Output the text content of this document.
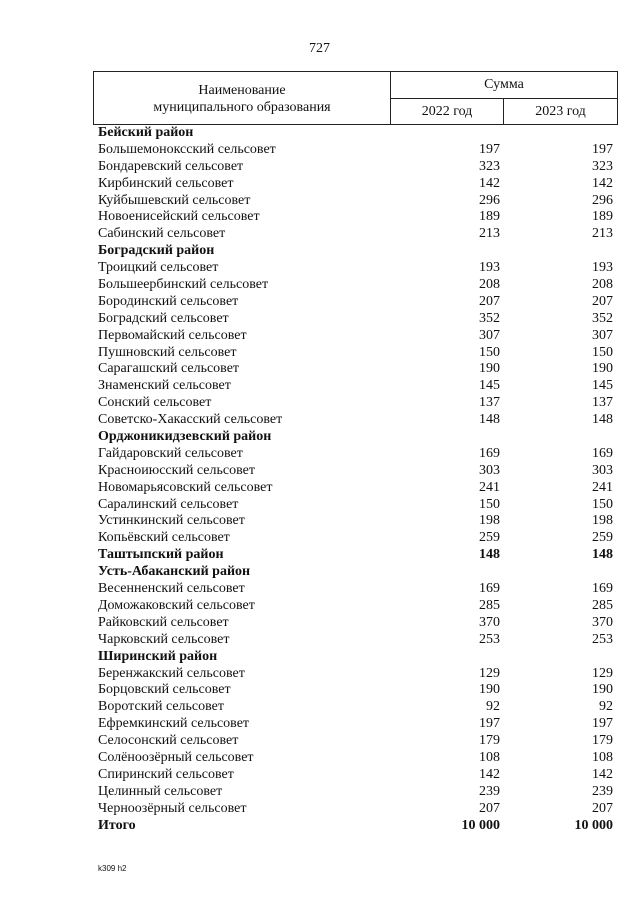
727
Наименование
муниципального образования
Сумма
2022 год	2023 год
Бейский район
Большемоноксский сельсовет	197	197
Бондаревский сельсовет	323	323
Кирбинский сельсовет	142	142
Куйбышевский сельсовет	296	296
Новоенисейский сельсовет	189	189
Сабинский сельсовет	213	213
Боградский район
Троицкий сельсовет	193	193
Большеербинский сельсовет	208	208
Бородинский сельсовет	207	207
Боградский сельсовет	352	352
Первомайский сельсовет	307	307
Пушновский сельсовет	150	150
Сарагашский сельсовет	190	190
Знаменский сельсовет	145	145
Сонский сельсовет	137	137
Советско-Хакасский сельсовет	148	148
Орджоникидзевский район
Гайдаровский сельсовет	169	169
Красноиюсский сельсовет	303	303
Новомарьясовский сельсовет	241	241
Саралинский сельсовет	150	150
Устинкинский сельсовет	198	198
Копьёвский сельсовет	259	259
Таштыпский район	148	148
Усть-Абаканский район
Весенненский сельсовет	169	169
Доможаковский сельсовет	285	285
Райковский сельсовет	370	370
Чарковский сельсовет	253	253
Ширинский район
Беренжакский сельсовет	129	129
Борцовский сельсовет	190	190
Воротский сельсовет	92	92
Ефремкинский сельсовет	197	197
Селосонский сельсовет	179	179
Солёноозёрный сельсовет	108	108
Спиринский сельсовет	142	142
Целинный сельсовет	239	239
Черноозёрный сельсовет	207	207
Итого	10 000	10 000
k309 h2
